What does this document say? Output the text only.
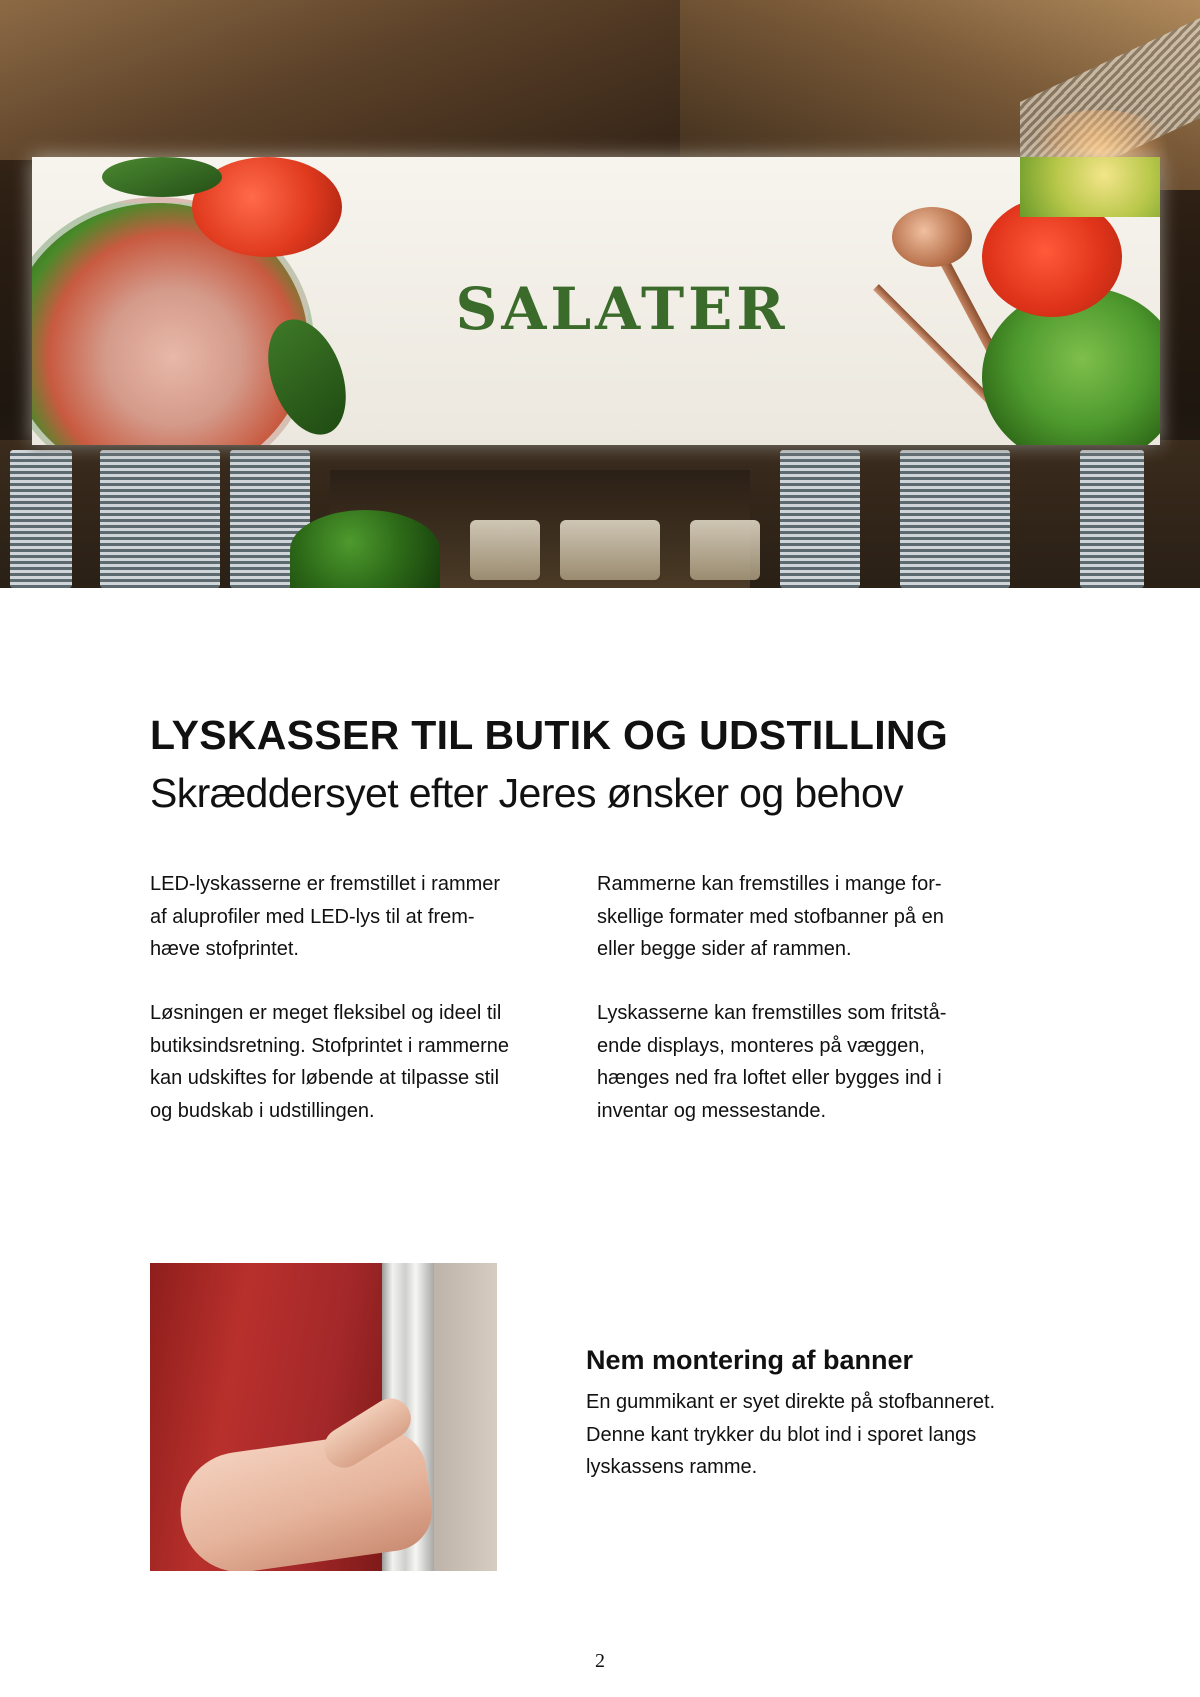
SALATER
LYSKASSER TIL BUTIK OG UDSTILLING
Skræddersyet efter Jeres ønsker og behov

LED-lyskasserne er fremstillet i rammer
af aluprofiler med LED-lys til at frem-
hæve stofprintet.

Løsningen er meget fleksibel og ideel til
butiksindsretning. Stofprintet i rammerne
kan udskiftes for løbende at tilpasse stil
og budskab i udstillingen.

Rammerne kan fremstilles i mange for-
skellige formater med stofbanner på en
eller begge sider af rammen.

Lyskasserne kan fremstilles som fritstå-
ende displays, monteres på væggen,
hænges ned fra loftet eller bygges ind i
inventar og messestande.

Nem montering af banner

En gummikant er syet direkte på stofbanneret.
Denne kant trykker du blot ind i sporet langs
lyskassens ramme.

2
